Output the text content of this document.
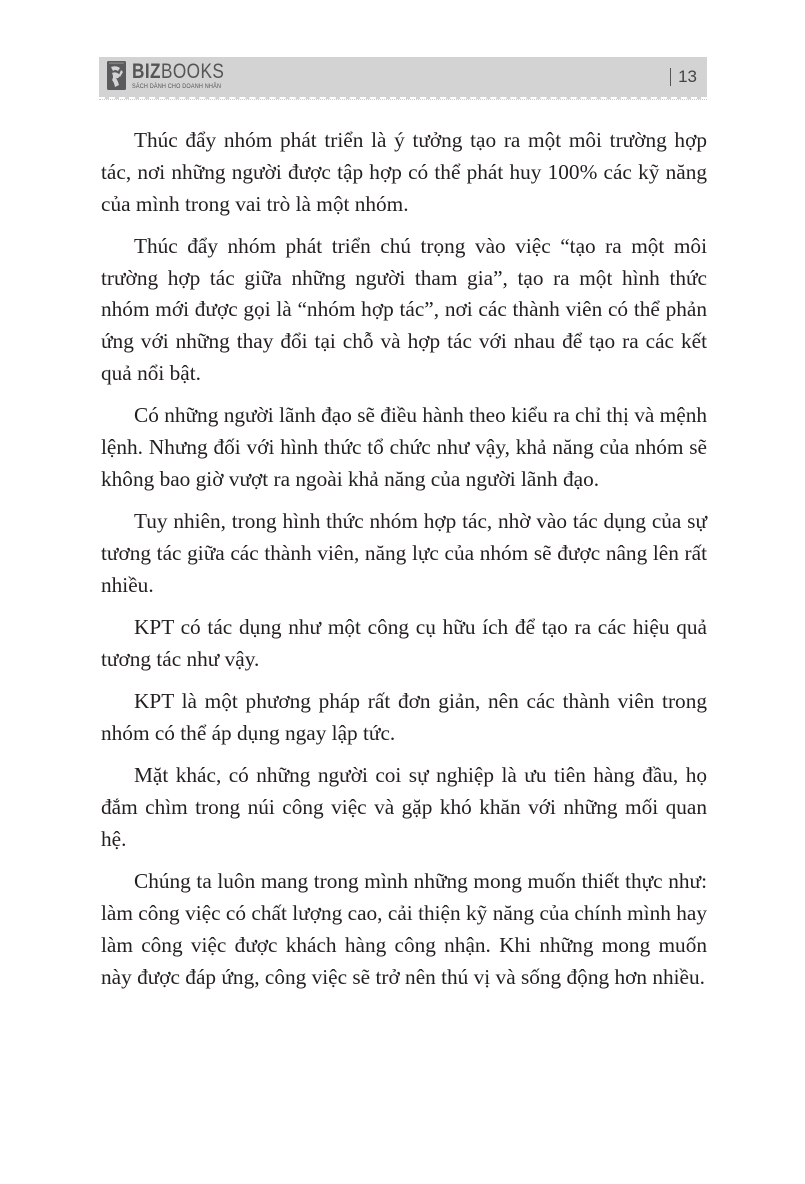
BIZBOOKS
SÁCH DÀNH CHO DOANH NHÂN
13

Thúc đẩy nhóm phát triển là ý tưởng tạo ra một môi trường hợp tác, nơi những người được tập hợp có thể phát huy 100% các kỹ năng của mình trong vai trò là một nhóm.

Thúc đẩy nhóm phát triển chú trọng vào việc “tạo ra một môi trường hợp tác giữa những người tham gia”, tạo ra một hình thức nhóm mới được gọi là “nhóm hợp tác”, nơi các thành viên có thể phản ứng với những thay đổi tại chỗ và hợp tác với nhau để tạo ra các kết quả nổi bật.

Có những người lãnh đạo sẽ điều hành theo kiểu ra chỉ thị và mệnh lệnh. Nhưng đối với hình thức tổ chức như vậy, khả năng của nhóm sẽ không bao giờ vượt ra ngoài khả năng của người lãnh đạo.

Tuy nhiên, trong hình thức nhóm hợp tác, nhờ vào tác dụng của sự tương tác giữa các thành viên, năng lực của nhóm sẽ được nâng lên rất nhiều.

KPT có tác dụng như một công cụ hữu ích để tạo ra các hiệu quả tương tác như vậy.

KPT là một phương pháp rất đơn giản, nên các thành viên trong nhóm có thể áp dụng ngay lập tức.

Mặt khác, có những người coi sự nghiệp là ưu tiên hàng đầu, họ đắm chìm trong núi công việc và gặp khó khăn với những mối quan hệ.

Chúng ta luôn mang trong mình những mong muốn thiết thực như: làm công việc có chất lượng cao, cải thiện kỹ năng của chính mình hay làm công việc được khách hàng công nhận. Khi những mong muốn này được đáp ứng, công việc sẽ trở nên thú vị và sống động hơn nhiều.
